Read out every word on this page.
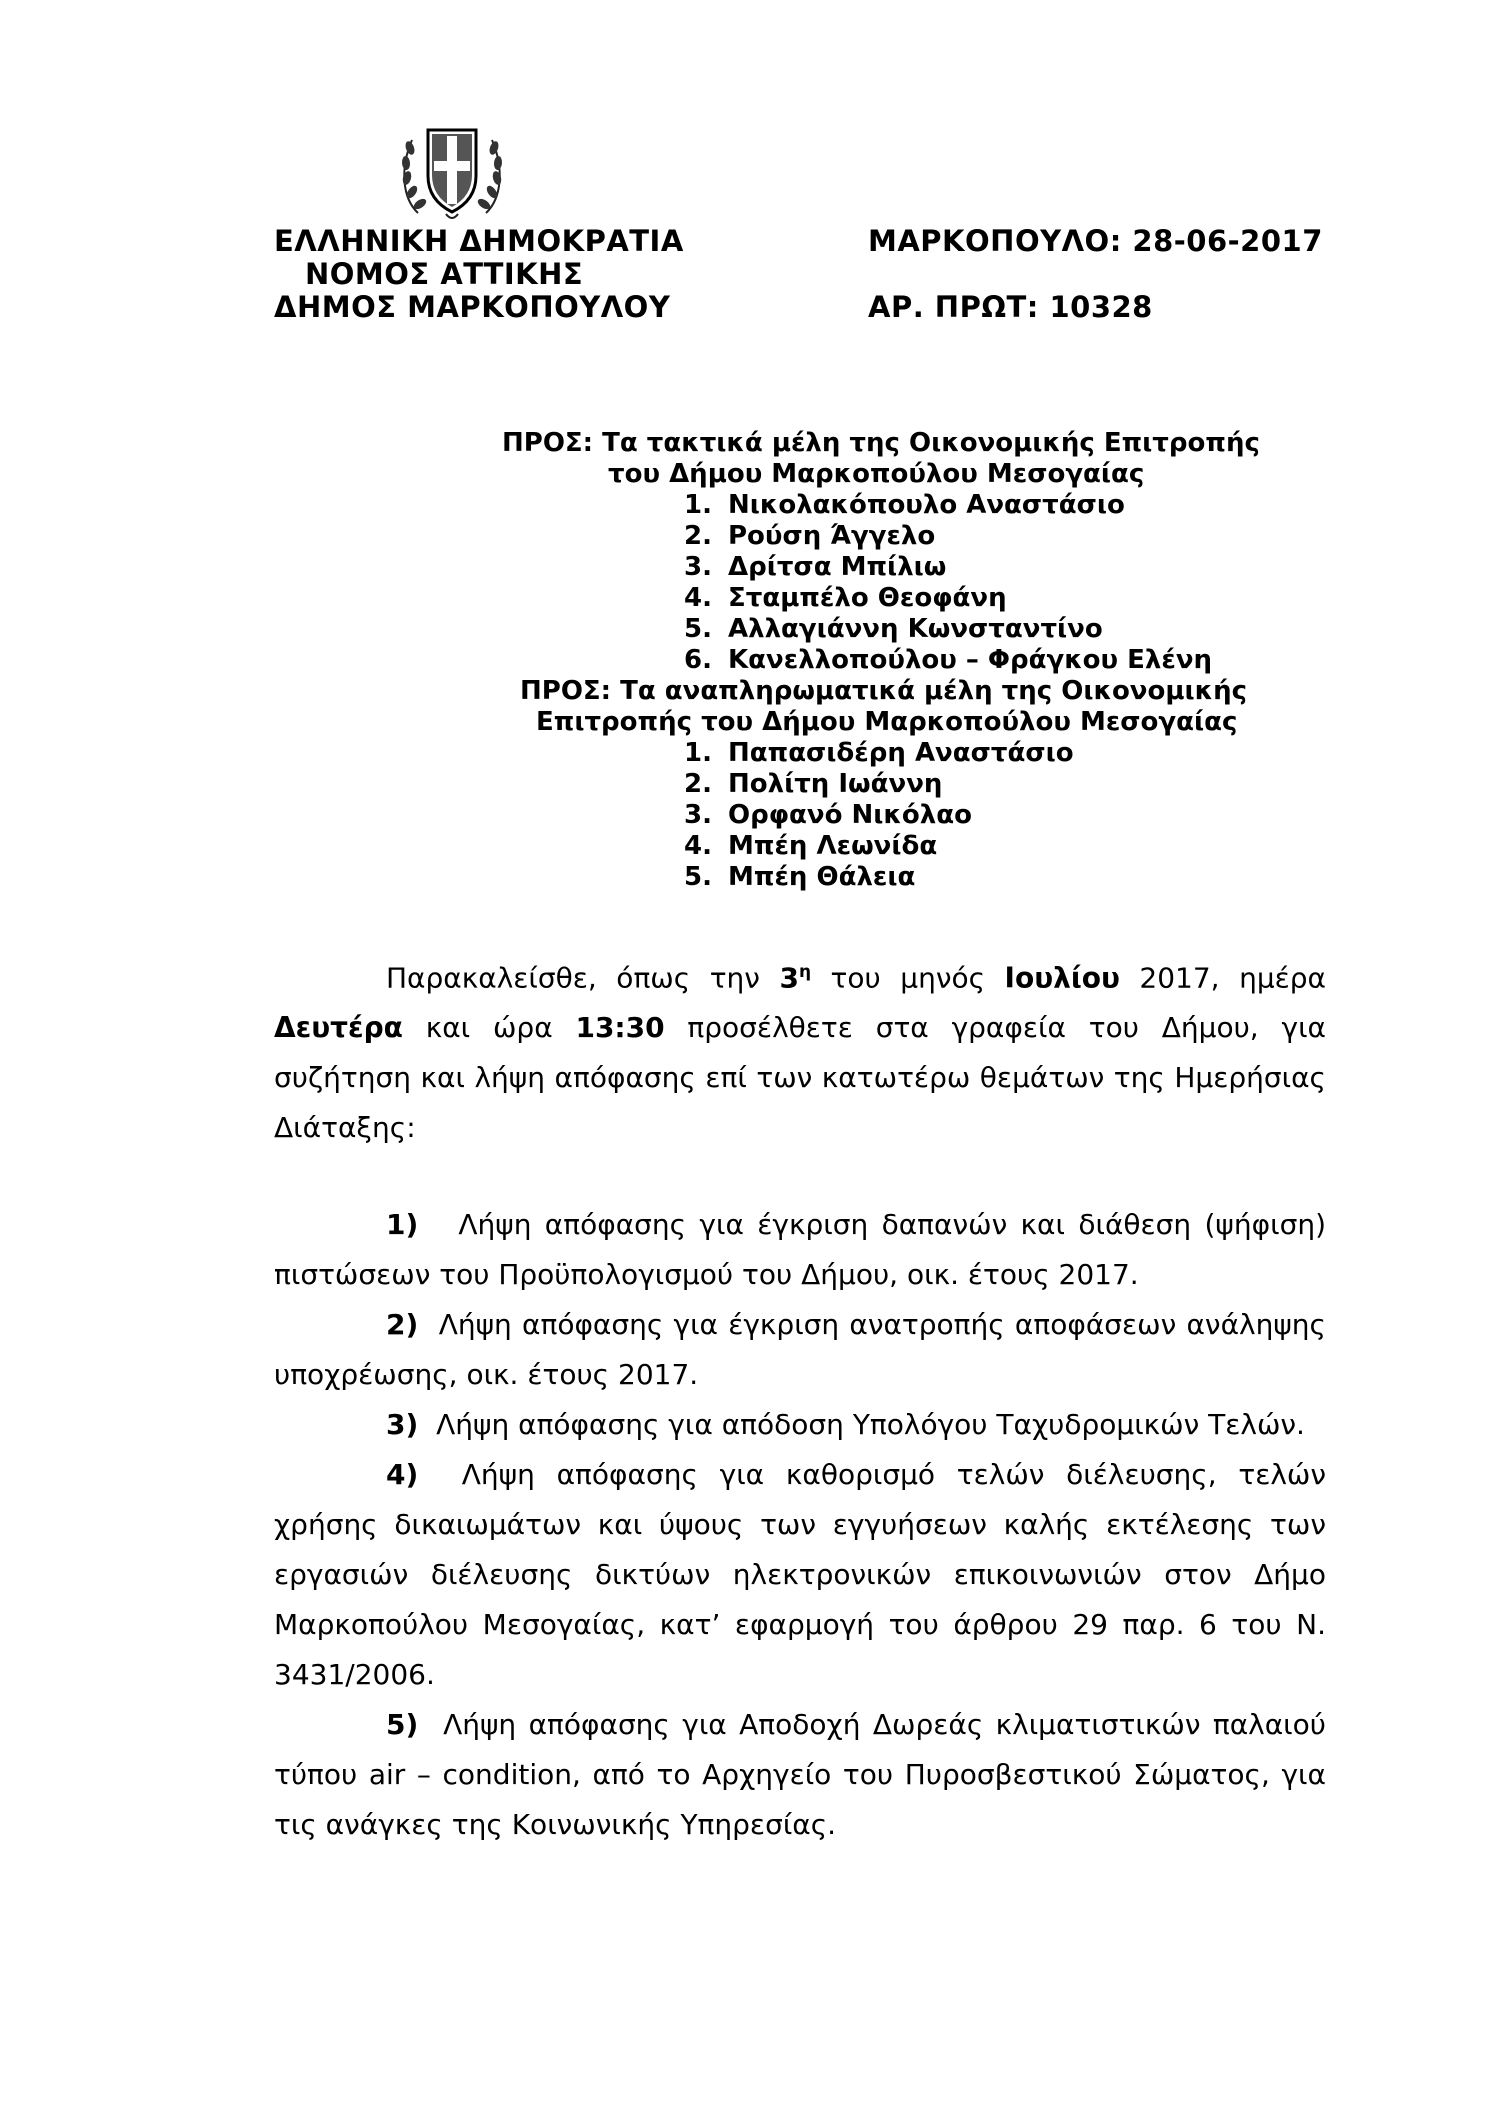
ΕΛΛΗΝΙΚΗ ΔΗΜΟΚΡΑΤΙΑ
ΝΟΜΟΣ ΑΤΤΙΚΗΣ
ΔΗΜΟΣ ΜΑΡΚΟΠΟΥΛΟΥ
ΜΑΡΚΟΠΟΥΛΟ: 28-06-2017
ΑΡ. ΠΡΩΤ: 10328
ΠΡΟΣ: Τα τακτικά μέλη της Οικονομικής Επιτροπής
του Δήμου Μαρκοπούλου Μεσογαίας
1. Νικολακόπουλο Αναστάσιο
2. Ρούση Άγγελο
3. Δρίτσα Μπίλιω
4. Σταμπέλο Θεοφάνη
5. Αλλαγιάννη Κωνσταντίνο
6. Κανελλοπούλου – Φράγκου Ελένη
ΠΡΟΣ: Τα αναπληρωματικά μέλη της Οικονομικής
Επιτροπής του Δήμου Μαρκοπούλου Μεσογαίας
1. Παπασιδέρη Αναστάσιο
2. Πολίτη Ιωάννη
3. Ορφανό Νικόλαο
4. Μπέη Λεωνίδα
5. Μπέη Θάλεια

Παρακαλείσθε, όπως την $3^\eta$ του μηνός Ιουλίου 2017, ημέρα Δευτέρα και ώρα 13:30 προσέλθετε στα γραφεία του Δήμου, για συζήτηση και λήψη απόφασης επί των κατωτέρω θεμάτων της Ημερήσιας Διάταξης:

1) Λήψη απόφασης για έγκριση δαπανών και διάθεση (ψήφιση) πιστώσεων του Προϋπολογισμού του Δήμου, οικ. έτους 2017.

2) Λήψη απόφασης για έγκριση ανατροπής αποφάσεων ανάληψης υποχρέωσης, οικ. έτους 2017.

3) Λήψη απόφασης για απόδοση Υπολόγου Ταχυδρομικών Τελών.

4) Λήψη απόφασης για καθορισμό τελών διέλευσης, τελών χρήσης δικαιωμάτων και ύψους των εγγυήσεων καλής εκτέλεσης των εργασιών διέλευσης δικτύων ηλεκτρονικών επικοινωνιών στον Δήμο Μαρκοπούλου Μεσογαίας, κατ’ εφαρμογή του άρθρου 29 παρ. 6 του Ν. 3431/2006.

5) Λήψη απόφασης για Αποδοχή Δωρεάς κλιματιστικών παλαιού τύπου air – condition, από το Αρχηγείο του Πυροσβεστικού Σώματος, για τις ανάγκες της Κοινωνικής Υπηρεσίας.
